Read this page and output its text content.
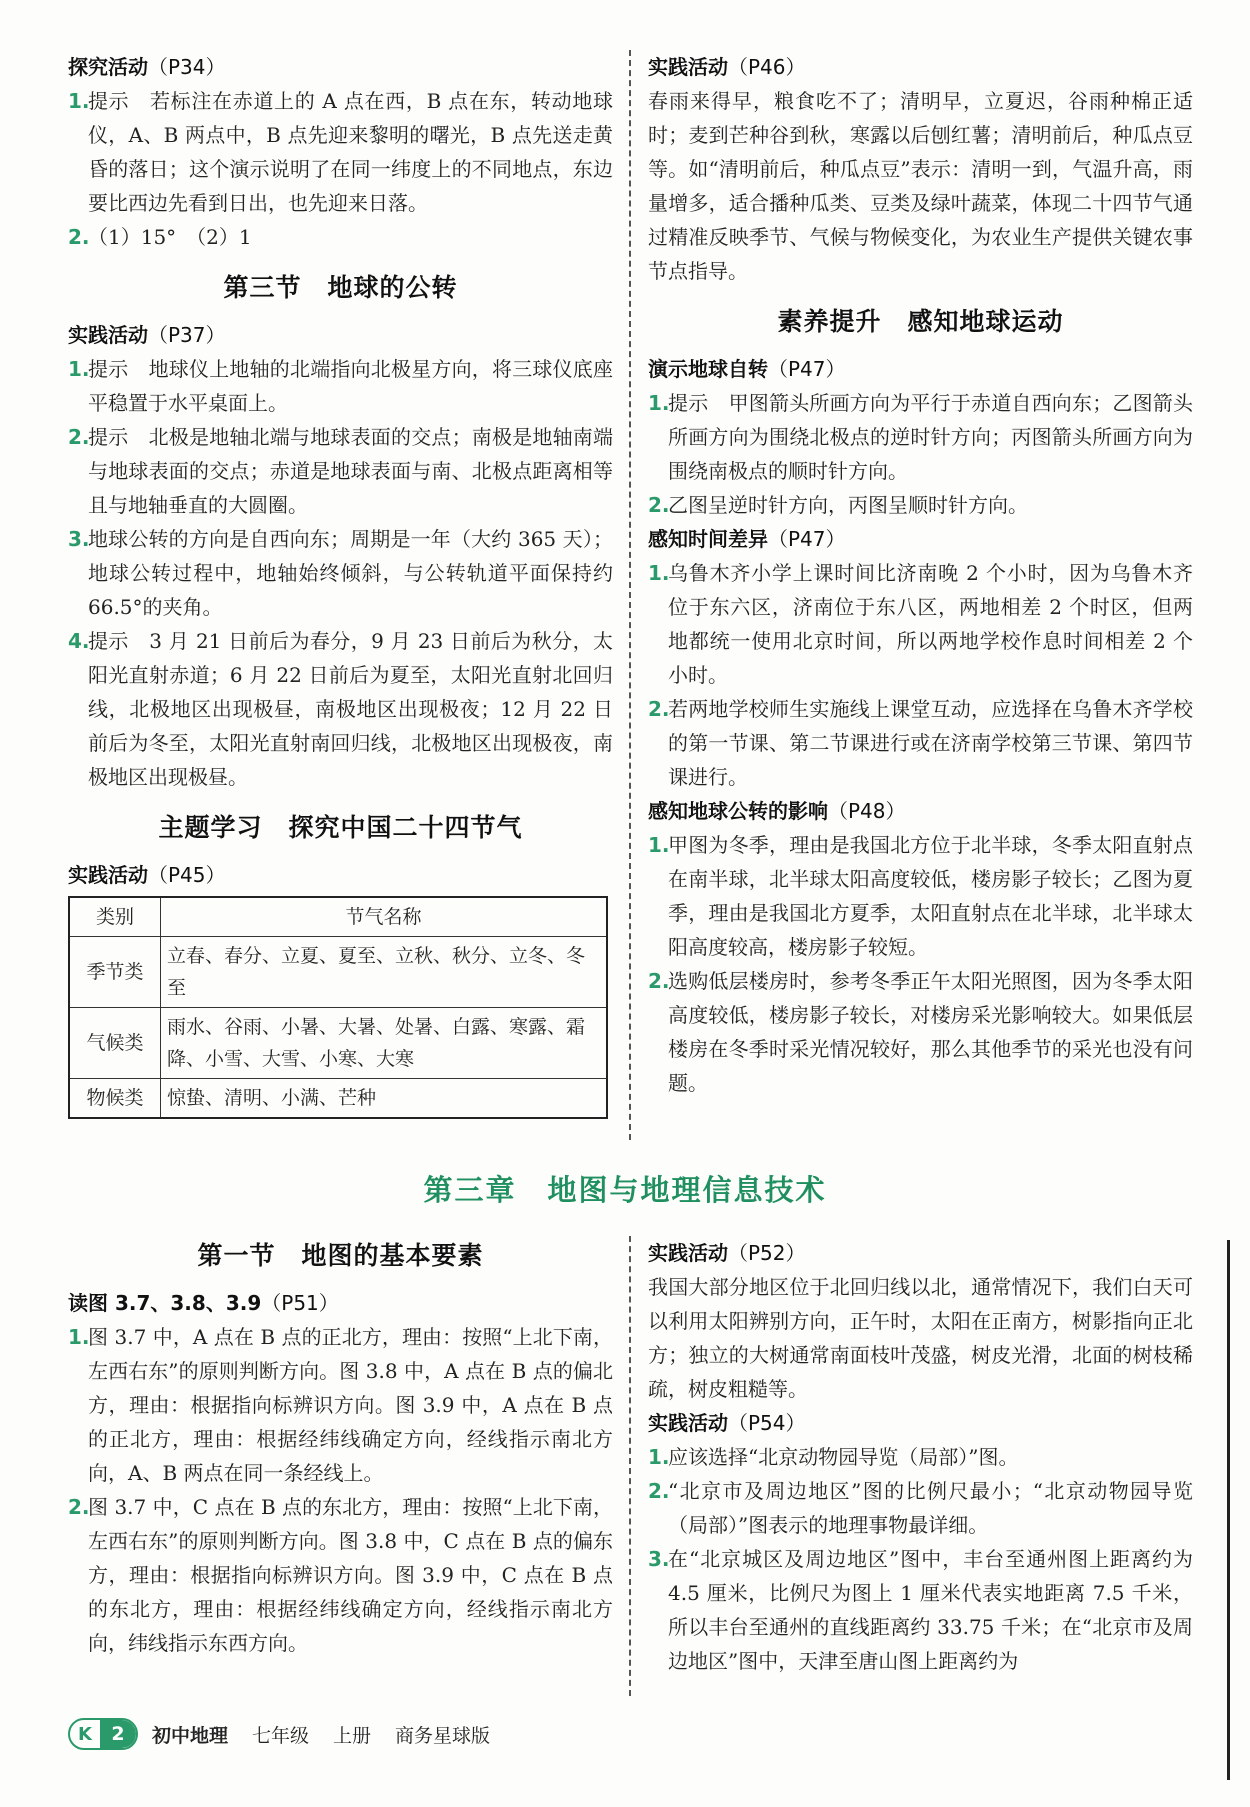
探究活动（P34）
1.
提示　若标注在赤道上的 A 点在西，B 点在东，转动地球仪，A、B 两点中，B 点先迎来黎明的曙光，B 点先送走黄昏的落日；这个演示说明了在同一纬度上的不同地点，东边要比西边先看到日出，也先迎来日落。
2.
（1）15°　（2）1
第三节　地球的公转
实践活动（P37）
1.
提示　地球仪上地轴的北端指向北极星方向，将三球仪底座平稳置于水平桌面上。
2.
提示　北极是地轴北端与地球表面的交点；南极是地轴南端与地球表面的交点；赤道是地球表面与南、北极点距离相等且与地轴垂直的大圆圈。
3.
地球公转的方向是自西向东；周期是一年（大约 365 天）；地球公转过程中，地轴始终倾斜，与公转轨道平面保持约 66.5°的夹角。
4.
提示　3 月 21 日前后为春分，9 月 23 日前后为秋分，太阳光直射赤道；6 月 22 日前后为夏至，太阳光直射北回归线，北极地区出现极昼，南极地区出现极夜；12 月 22 日前后为冬至，太阳光直射南回归线，北极地区出现极夜，南极地区出现极昼。
主题学习　探究中国二十四节气
实践活动（P45）
类别	节气名称
季节类	立春、春分、立夏、夏至、立秋、秋分、立冬、冬至
气候类	雨水、谷雨、小暑、大暑、处暑、白露、寒露、霜降、小雪、大雪、小寒、大寒
物候类	惊蛰、清明、小满、芒种
实践活动（P46）
春雨来得早，粮食吃不了；清明早，立夏迟，谷雨种棉正适时；麦到芒种谷到秋，寒露以后刨红薯；清明前后，种瓜点豆等。如“清明前后，种瓜点豆”表示：清明一到，气温升高，雨量增多，适合播种瓜类、豆类及绿叶蔬菜，体现二十四节气通过精准反映季节、气候与物候变化，为农业生产提供关键农事节点指导。
素养提升　感知地球运动
演示地球自转（P47）
1.
提示　甲图箭头所画方向为平行于赤道自西向东；乙图箭头所画方向为围绕北极点的逆时针方向；丙图箭头所画方向为围绕南极点的顺时针方向。
2.
乙图呈逆时针方向，丙图呈顺时针方向。
感知时间差异（P47）
1.
乌鲁木齐小学上课时间比济南晚 2 个小时，因为乌鲁木齐位于东六区，济南位于东八区，两地相差 2 个时区，但两地都统一使用北京时间，所以两地学校作息时间相差 2 个小时。
2.
若两地学校师生实施线上课堂互动，应选择在乌鲁木齐学校的第一节课、第二节课进行或在济南学校第三节课、第四节课进行。
感知地球公转的影响（P48）
1.
甲图为冬季，理由是我国北方位于北半球，冬季太阳直射点在南半球，北半球太阳高度较低，楼房影子较长；乙图为夏季，理由是我国北方夏季，太阳直射点在北半球，北半球太阳高度较高，楼房影子较短。
2.
选购低层楼房时，参考冬季正午太阳光照图，因为冬季太阳高度较低，楼房影子较长，对楼房采光影响较大。如果低层楼房在冬季时采光情况较好，那么其他季节的采光也没有问题。
第三章　地图与地理信息技术
第一节　地图的基本要素
读图 3.7、3.8、3.9（P51）
1.
图 3.7 中，A 点在 B 点的正北方，理由：按照“上北下南，左西右东”的原则判断方向。图 3.8 中，A 点在 B 点的偏北方，理由：根据指向标辨识方向。图 3.9 中，A 点在 B 点的正北方，理由：根据经纬线确定方向，经线指示南北方向，A、B 两点在同一条经线上。
2.
图 3.7 中，C 点在 B 点的东北方，理由：按照“上北下南，左西右东”的原则判断方向。图 3.8 中，C 点在 B 点的偏东方，理由：根据指向标辨识方向。图 3.9 中，C 点在 B 点的东北方，理由：根据经纬线确定方向，经线指示南北方向，纬线指示东西方向。
实践活动（P52）
我国大部分地区位于北回归线以北，通常情况下，我们白天可以利用太阳辨别方向，正午时，太阳在正南方，树影指向正北方；独立的大树通常南面枝叶茂盛，树皮光滑，北面的树枝稀疏，树皮粗糙等。
实践活动（P54）
1.
应该选择“北京动物园导览（局部）”图。
2.
“北京市及周边地区”图的比例尺最小；“北京动物园导览（局部）”图表示的地理事物最详细。
3.
在“北京城区及周边地区”图中，丰台至通州图上距离约为 4.5 厘米，比例尺为图上 1 厘米代表实地距离 7.5 千米，所以丰台至通州的直线距离约 33.75 千米；在“北京市及周边地区”图中，天津至唐山图上距离约为
K	2	初中地理 七年级 上册 商务星球版
